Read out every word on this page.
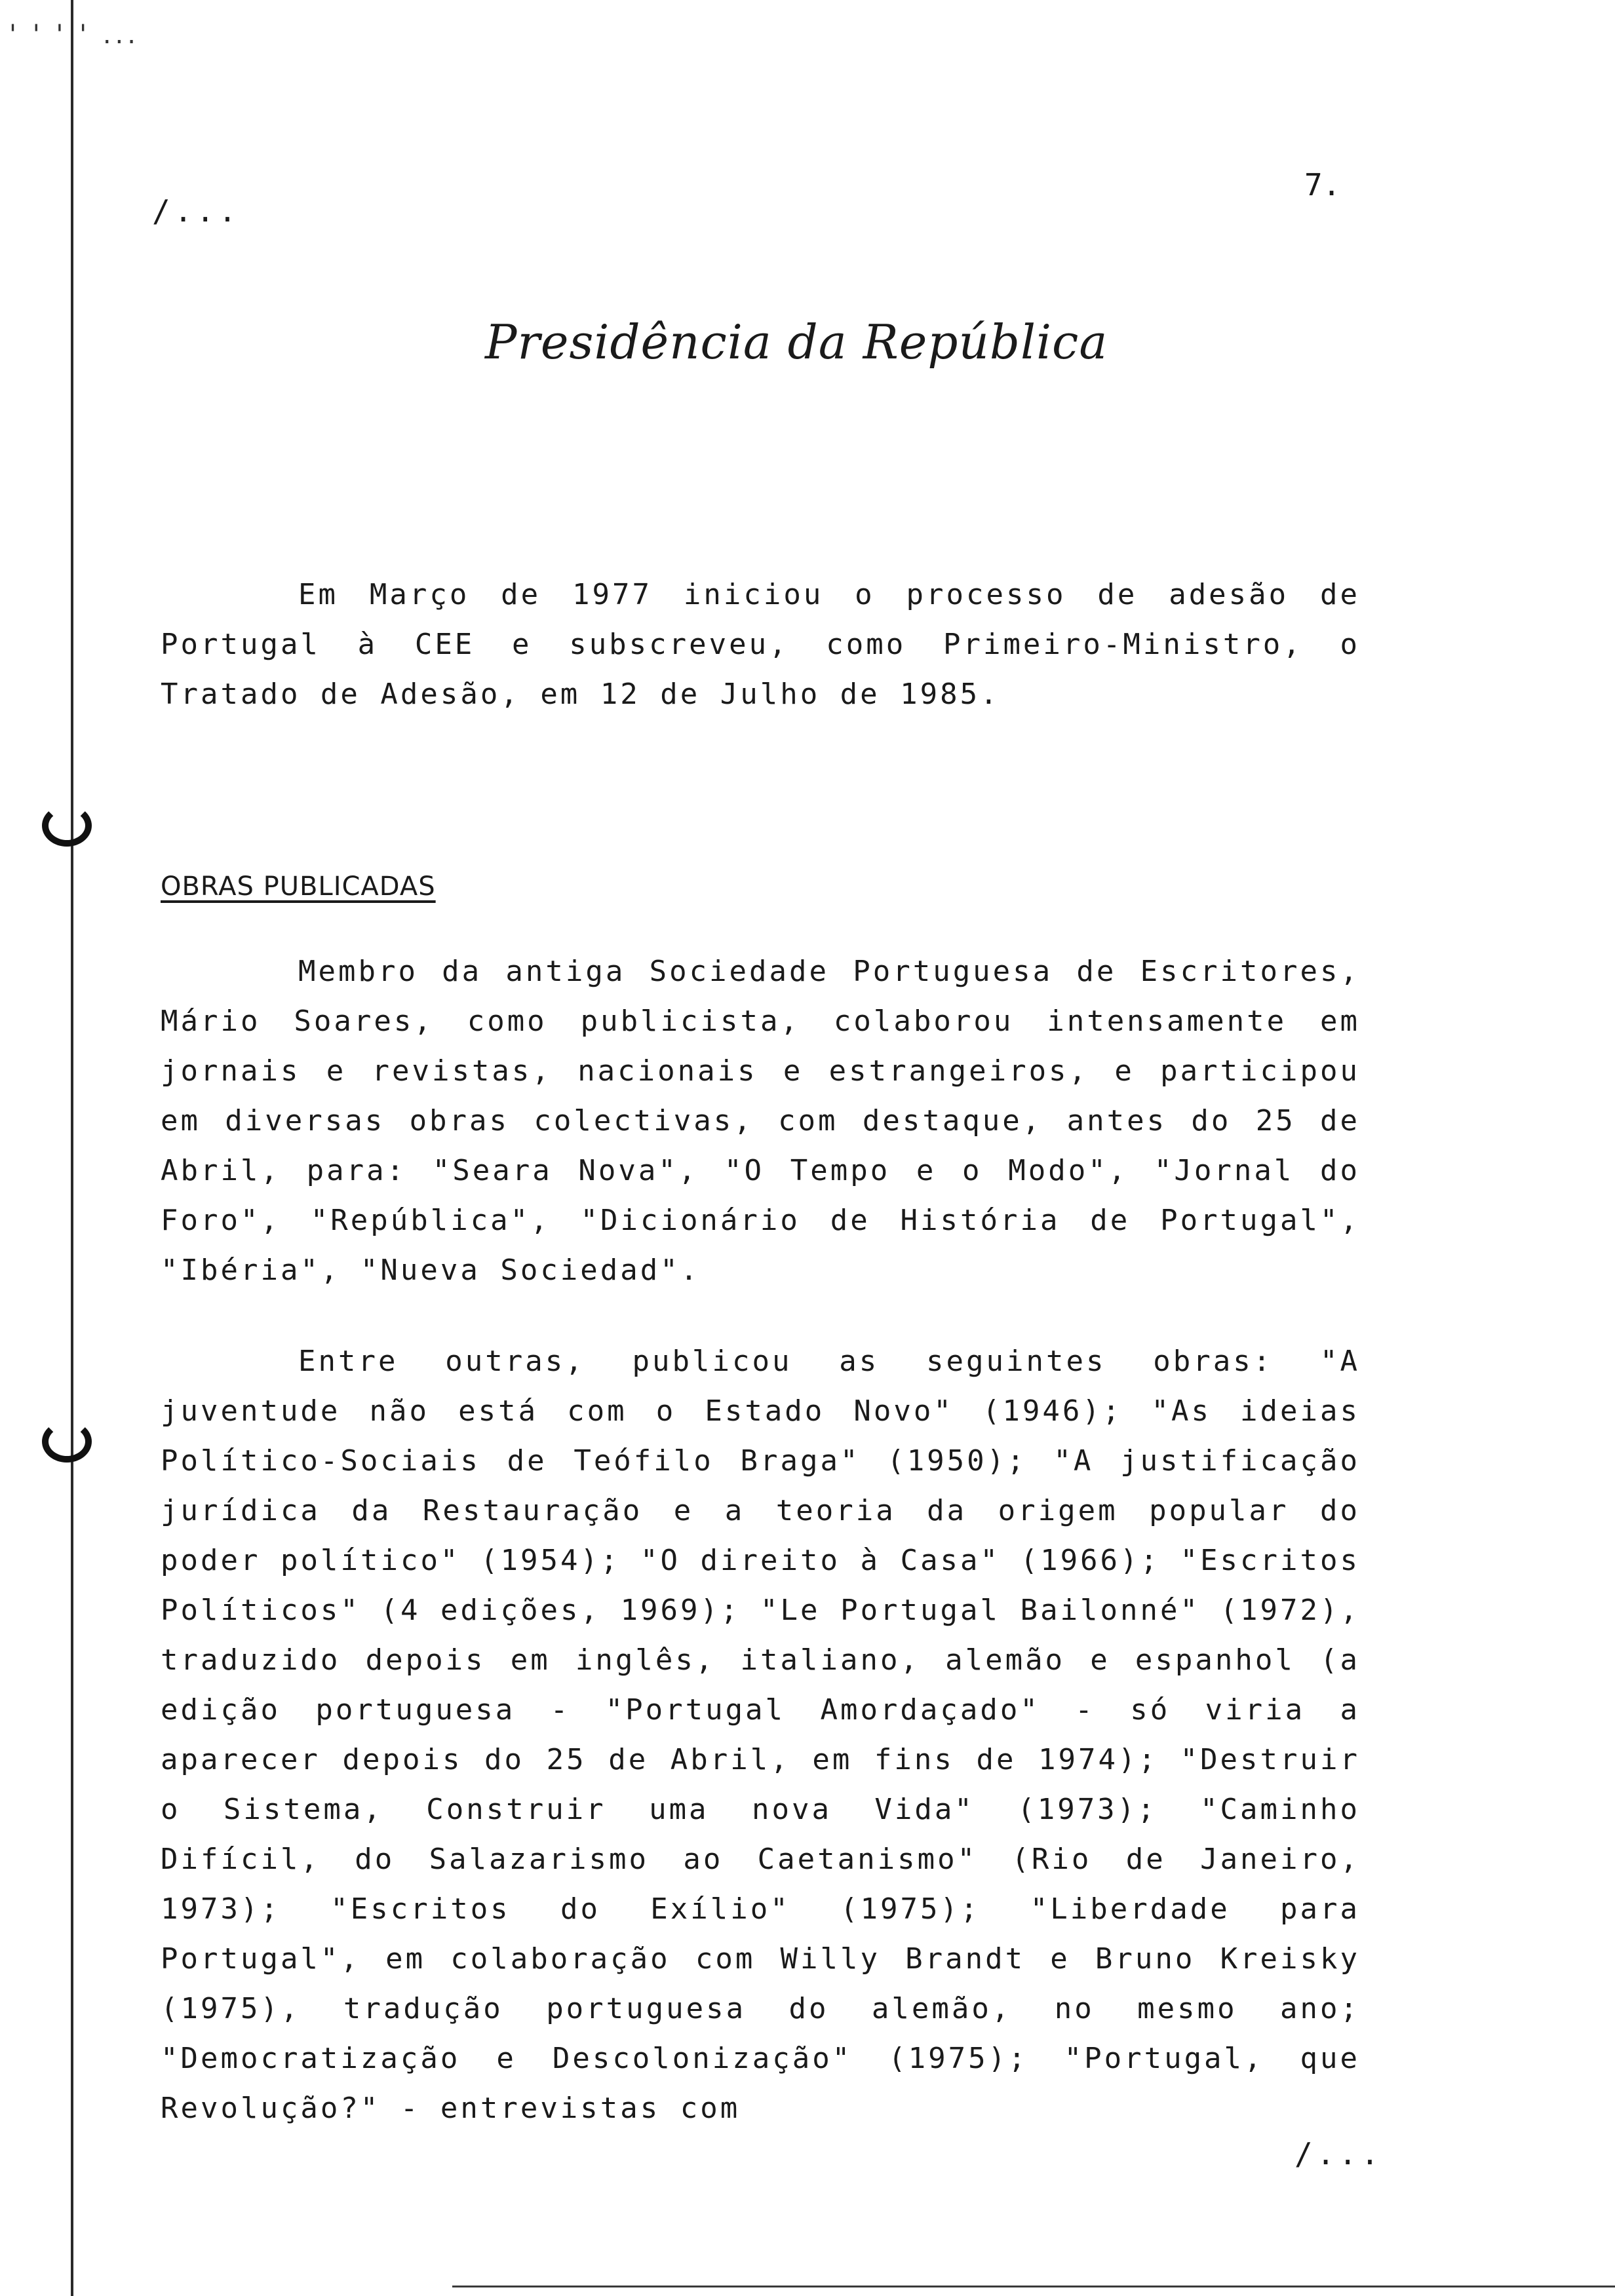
' ' ' ' ...
/...
7.
Presidência da República

Em Março de 1977 iniciou o processo de adesão de Portugal à CEE e subscreveu, como Primeiro-Ministro, o Tratado de Adesão, em 12 de Julho de 1985.

OBRAS PUBLICADAS

Membro da antiga Sociedade Portuguesa de Escritores, Mário Soares, como publicista, colaborou intensamente em jornais e revistas, nacionais e estrangeiros, e participou em diversas obras colectivas, com destaque, antes do 25 de Abril, para: "Seara Nova", "O Tempo e o Modo", "Jornal do Foro", "República", "Dicionário de História de Portugal", "Ibéria", "Nueva Sociedad".

Entre outras, publicou as seguintes obras: "A juventude não está com o Estado Novo" (1946); "As ideias Político-Sociais de Teófilo Braga" (1950); "A justificação jurídica da Restauração e a teoria da origem popular do poder político" (1954); "O direito à Casa" (1966); "Escritos Políticos" (4 edições, 1969); "Le Portugal Bailonné" (1972), traduzido depois em inglês, italiano, alemão e espanhol (a edição portuguesa - "Portugal Amordaçado" - só viria a aparecer depois do 25 de Abril, em fins de 1974); "Destruir o Sistema, Construir uma nova Vida" (1973); "Caminho Difícil, do Salazarismo ao Caetanismo" (Rio de Janeiro, 1973); "Escritos do Exílio" (1975); "Liberdade para Portugal", em colaboração com Willy Brandt e Bruno Kreisky (1975), tradução portuguesa do alemão, no mesmo ano; "Democratização e Descolonização" (1975); "Portugal, que Revolução?" - entrevistas com

/...
